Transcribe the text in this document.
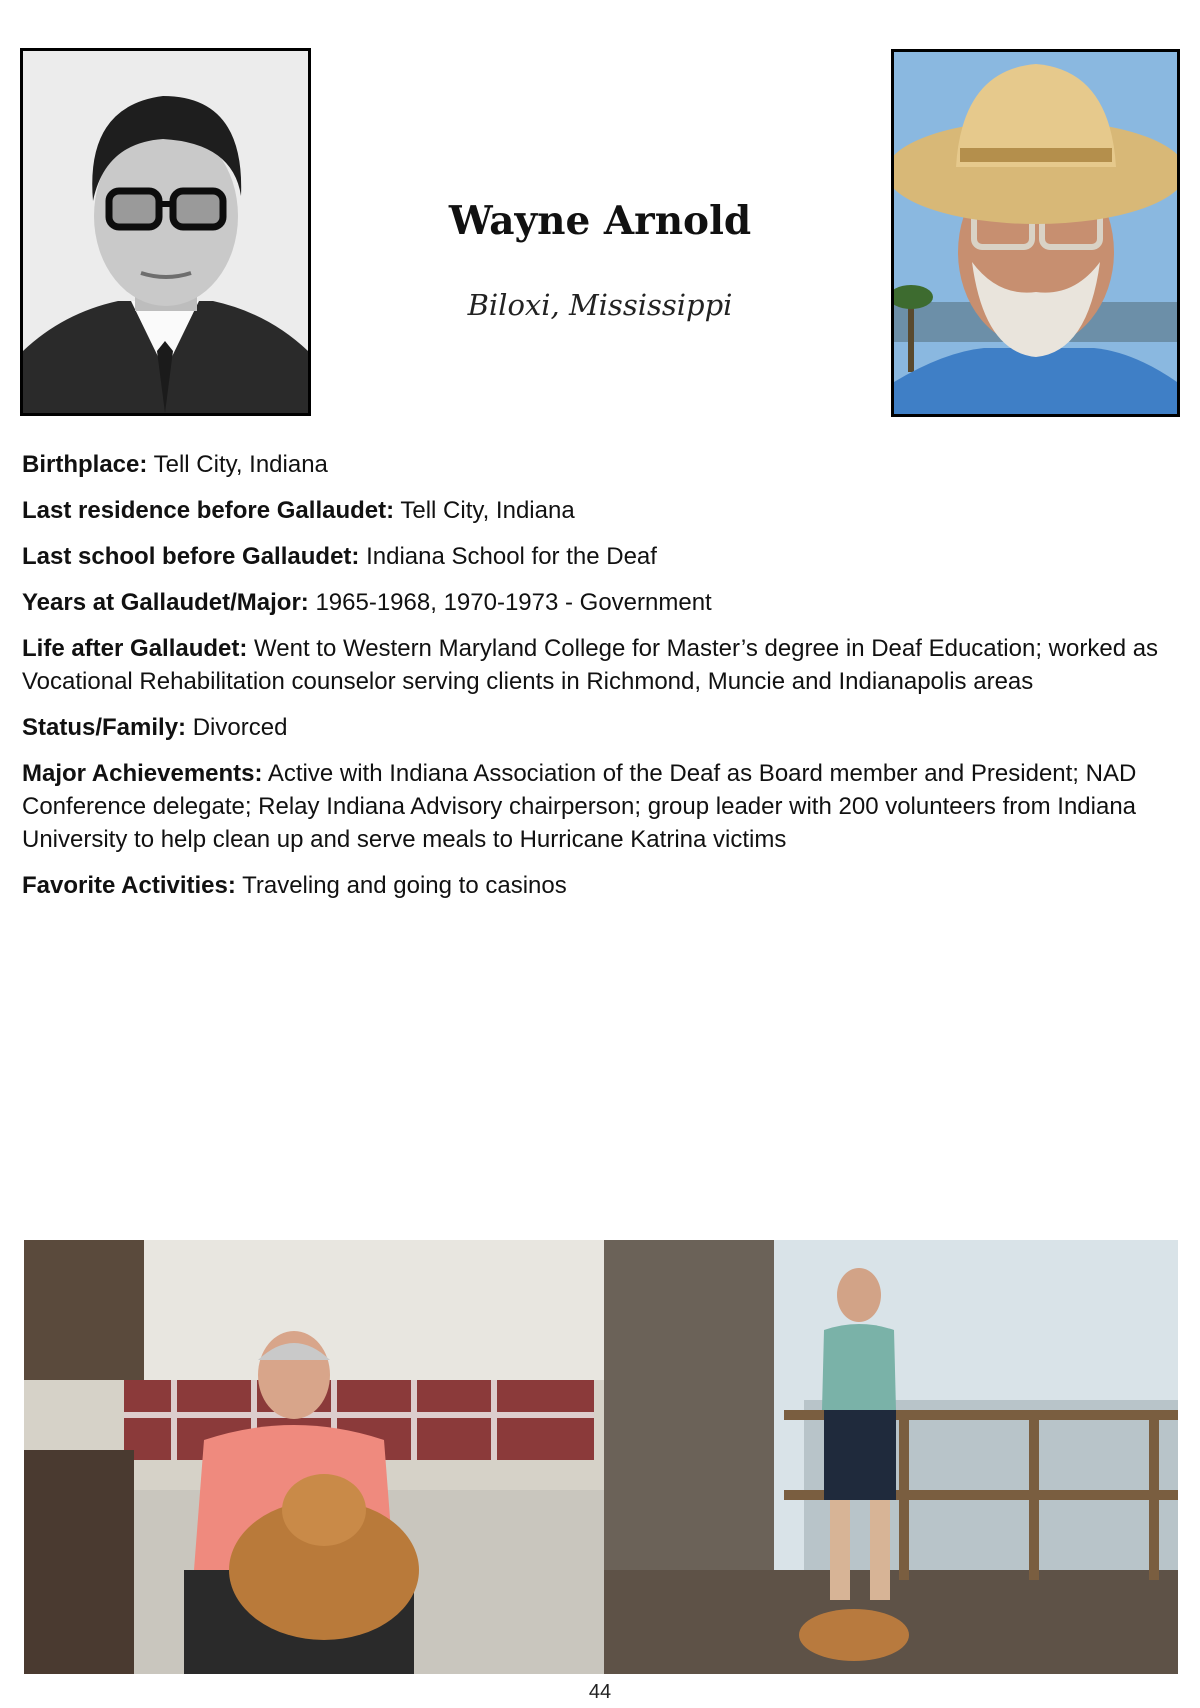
Wayne Arnold
Biloxi, Mississippi
Birthplace: Tell City, Indiana
Last residence before Gallaudet: Tell City, Indiana
Last school before Gallaudet: Indiana School for the Deaf
Years at Gallaudet/Major: 1965-1968, 1970-1973 - Government
Life after Gallaudet: Went to Western Maryland College for Master’s degree in Deaf Education; worked as Vocational Rehabilitation counselor serving clients in Richmond, Muncie and Indianapolis areas
Status/Family: Divorced
Major Achievements: Active with Indiana Association of the Deaf as Board member and President; NAD Conference delegate; Relay Indiana Advisory chairperson; group leader with 200 volunteers from Indiana University to help clean up and serve meals to Hurricane Katrina victims
Favorite Activities: Traveling and going to casinos
44
